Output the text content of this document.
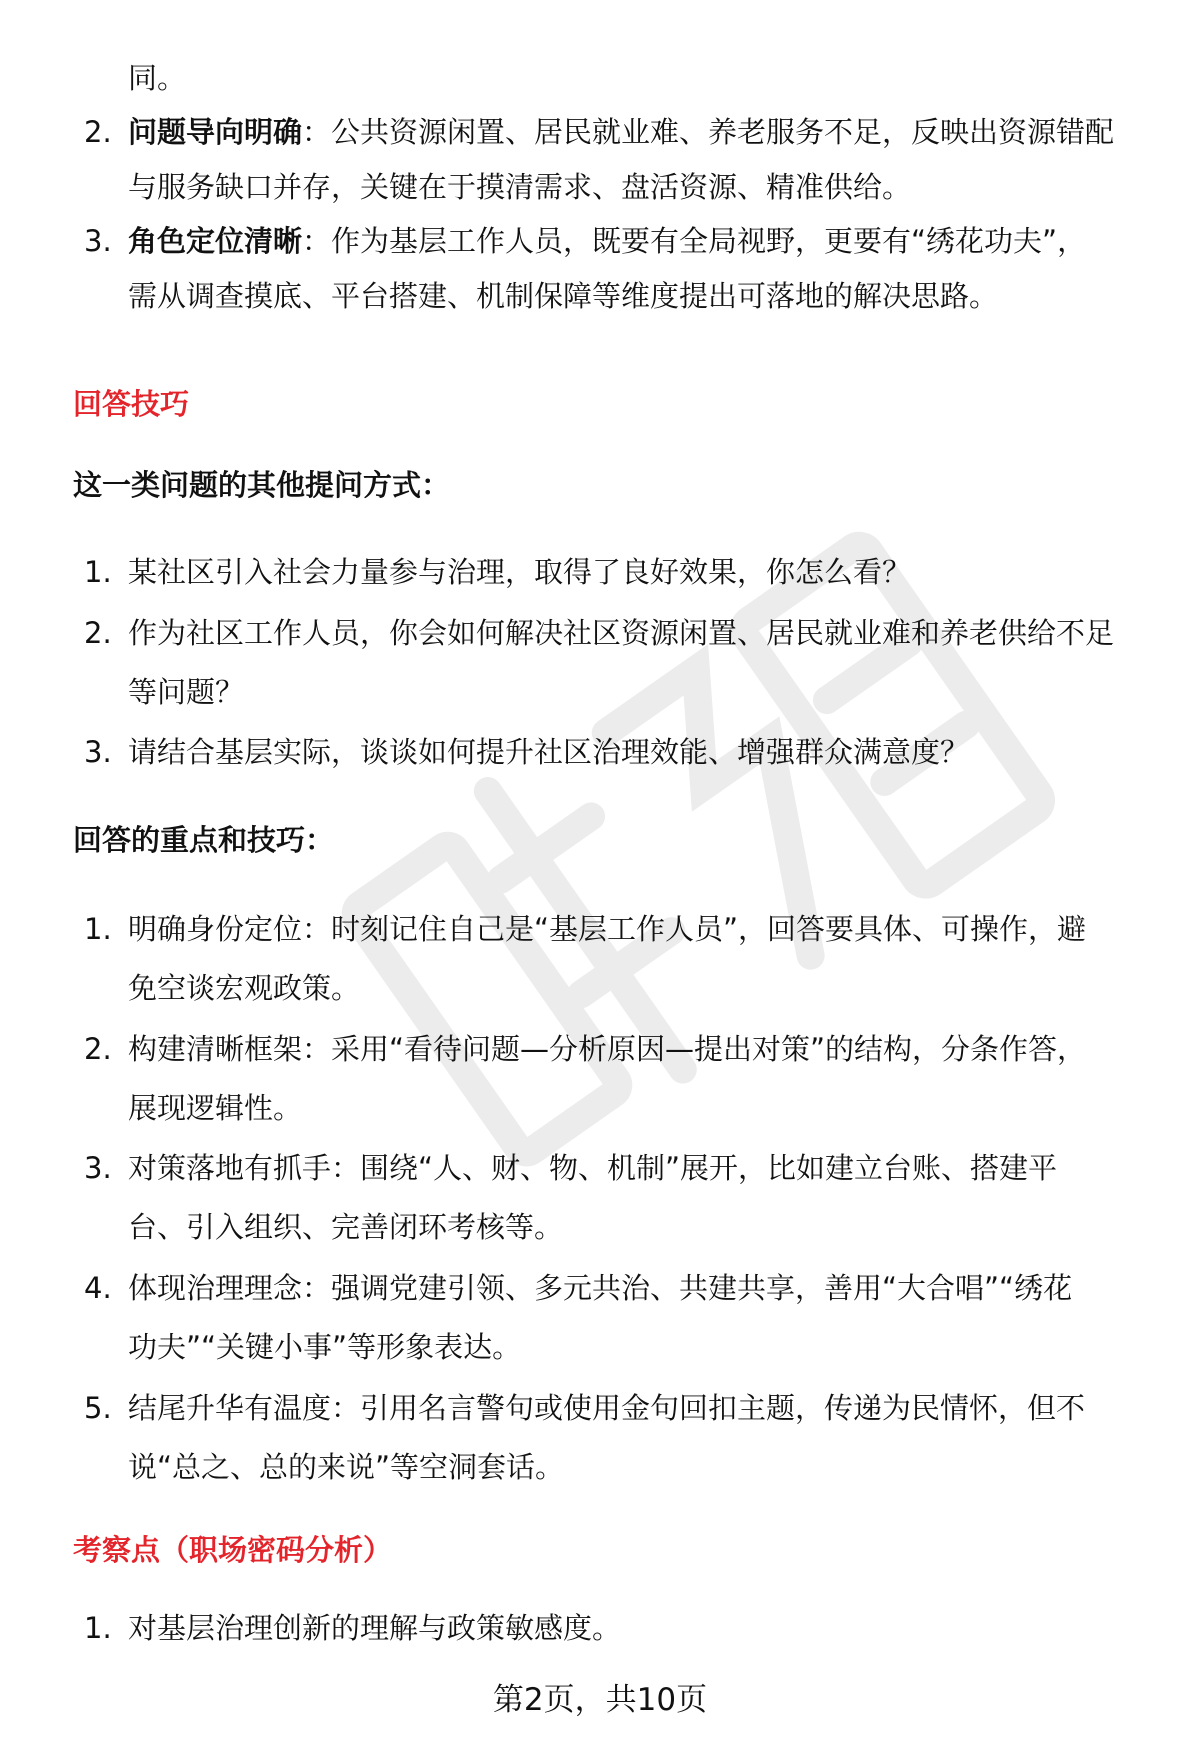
同。
2. 问题导向明确：公共资源闲置、居民就业难、养老服务不足，反映出资源错配
与服务缺口并存，关键在于摸清需求、盘活资源、精准供给。
3. 角色定位清晰：作为基层工作人员，既要有全局视野，更要有“绣花功夫”，
需从调查摸底、平台搭建、机制保障等维度提出可落地的解决思路。
回答技巧
这一类问题的其他提问方式：
1. 某社区引入社会力量参与治理，取得了良好效果，你怎么看？
2. 作为社区工作人员，你会如何解决社区资源闲置、居民就业难和养老供给不足
等问题？
3. 请结合基层实际，谈谈如何提升社区治理效能、增强群众满意度？
回答的重点和技巧：
1. 明确身份定位：时刻记住自己是“基层工作人员”，回答要具体、可操作，避
免空谈宏观政策。
2. 构建清晰框架：采用“看待问题—分析原因—提出对策”的结构，分条作答，
展现逻辑性。
3. 对策落地有抓手：围绕“人、财、物、机制”展开，比如建立台账、搭建平
台、引入组织、完善闭环考核等。
4. 体现治理理念：强调党建引领、多元共治、共建共享，善用“大合唱”“绣花
功夫”“关键小事”等形象表达。
5. 结尾升华有温度：引用名言警句或使用金句回扣主题，传递为民情怀，但不
说“总之、总的来说”等空洞套话。
考察点（职场密码分析）
1. 对基层治理创新的理解与政策敏感度。
第2页，共10页
